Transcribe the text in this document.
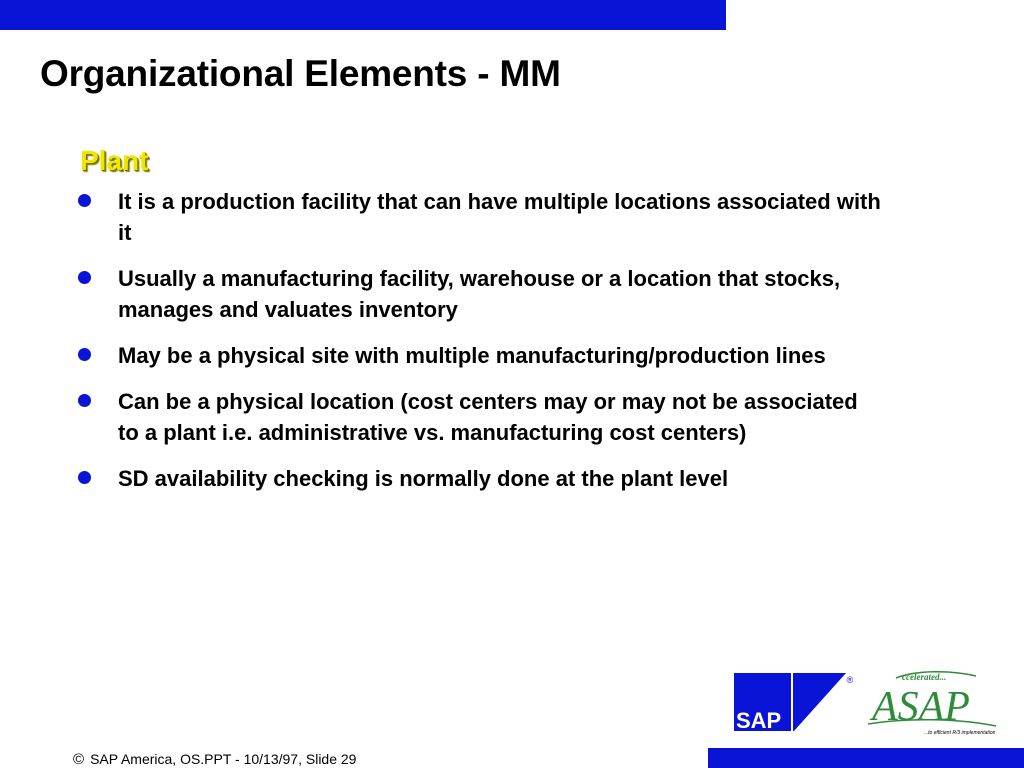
Organizational Elements - MM
Plant
It is a production facility that can have multiple locations associated with it
Usually a manufacturing facility, warehouse or a location that stocks, manages and valuates inventory
May be a physical site with multiple manufacturing/production lines
Can be a physical location (cost centers may or may not be associated to a plant i.e. administrative vs. manufacturing cost centers)
SD availability checking is normally done at the plant level
SAP
®	ccelerated...
ASAP
...to efficient R/3 implementation
© SAP America, OS.PPT - 10/13/97, Slide 29
